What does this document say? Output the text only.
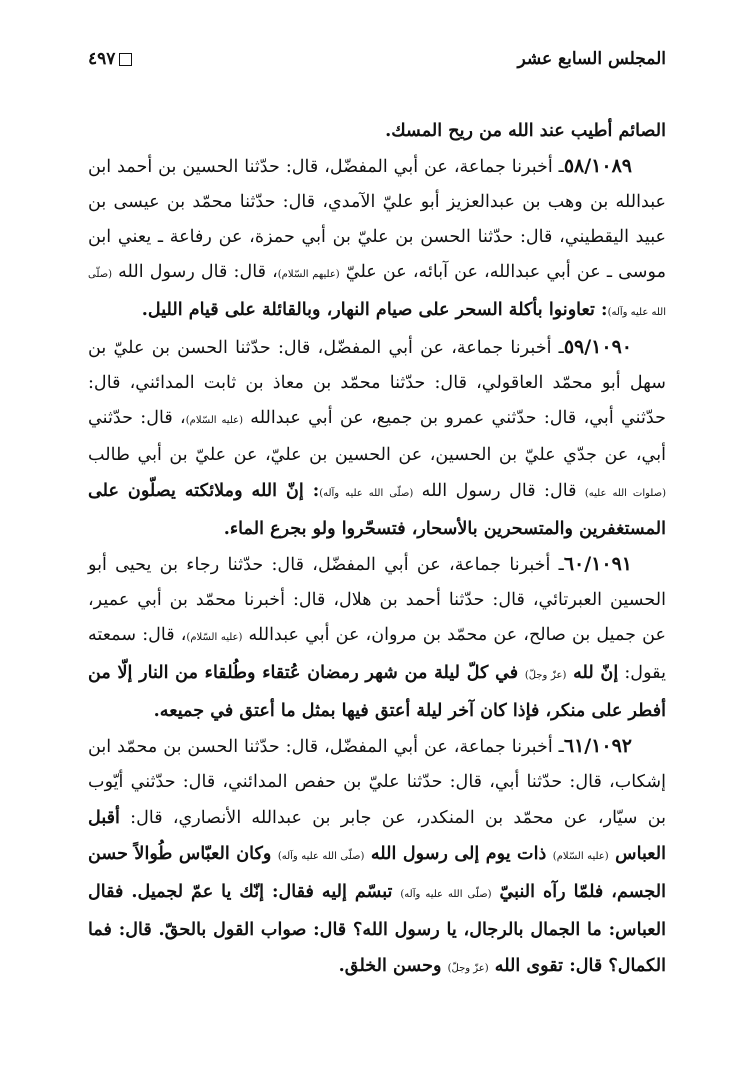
المجلس السابع عشر
٤٩٧

الصائم أطيب عند الله من ريح المسك.

٥٨/١٠٨٩ـ أخبرنا جماعة، عن أبي المفضّل، قال: حدّثنا الحسين بن أحمد ابن عبدالله بن وهب بن عبدالعزيز أبو عليّ الآمدي، قال: حدّثنا محمّد بن عيسى بن عبيد اليقطيني، قال: حدّثنا الحسن بن عليّ بن أبي حمزة، عن رفاعة ـ يعني ابن موسى ـ عن أبي عبدالله، عن آبائه، عن عليّ (عليهم السّلام)، قال: قال رسول الله (صلّى الله عليه وآله): تعاونوا بأكلة السحر على صيام النهار، وبالقائلة على قيام الليل.

٥٩/١٠٩٠ـ أخبرنا جماعة، عن أبي المفضّل، قال: حدّثنا الحسن بن عليّ بن سهل أبو محمّد العاقولي، قال: حدّثنا محمّد بن معاذ بن ثابت المدائني، قال: حدّثني أبي، قال: حدّثني عمرو بن جميع، عن أبي عبدالله (عليه السّلام)، قال: حدّثني أبي، عن جدّي عليّ بن الحسين، عن الحسين بن عليّ، عن عليّ بن أبي طالب (صلوات الله عليه) قال: قال رسول الله (صلّى الله عليه وآله): إنّ الله وملائكته يصلّون على المستغفرين والمتسحرين بالأسحار، فتسحّروا ولو بجرع الماء.

٦٠/١٠٩١ـ أخبرنا جماعة، عن أبي المفضّل، قال: حدّثنا رجاء بن يحيى أبو الحسين العبرتائي، قال: حدّثنا أحمد بن هلال، قال: أخبرنا محمّد بن أبي عمير، عن جميل بن صالح، عن محمّد بن مروان، عن أبي عبدالله (عليه السّلام)، قال: سمعته يقول: إنّ لله (عزّ وجلّ) في كلّ ليلة من شهر رمضان عُتقاء وطُلقاء من النار إلّا من أفطر على منكر، فإذا كان آخر ليلة أعتق فيها بمثل ما أعتق في جميعه.

٦١/١٠٩٢ـ أخبرنا جماعة، عن أبي المفضّل، قال: حدّثنا الحسن بن محمّد ابن إشكاب، قال: حدّثنا أبي، قال: حدّثنا عليّ بن حفص المدائني، قال: حدّثني أيّوب بن سيّار، عن محمّد بن المنكدر، عن جابر بن عبدالله الأنصاري، قال: أقبل العباس (عليه السّلام) ذات يوم إلى رسول الله (صلّى الله عليه وآله) وكان العبّاس طُوالاً حسن الجسم، فلمّا رآه النبيّ (صلّى الله عليه وآله) تبسّم إليه فقال: إنّك يا عمّ لجميل. فقال العباس: ما الجمال بالرجال، يا رسول الله؟ قال: صواب القول بالحقّ. قال: فما الكمال؟ قال: تقوى الله (عزّ وجلّ) وحسن الخلق.
